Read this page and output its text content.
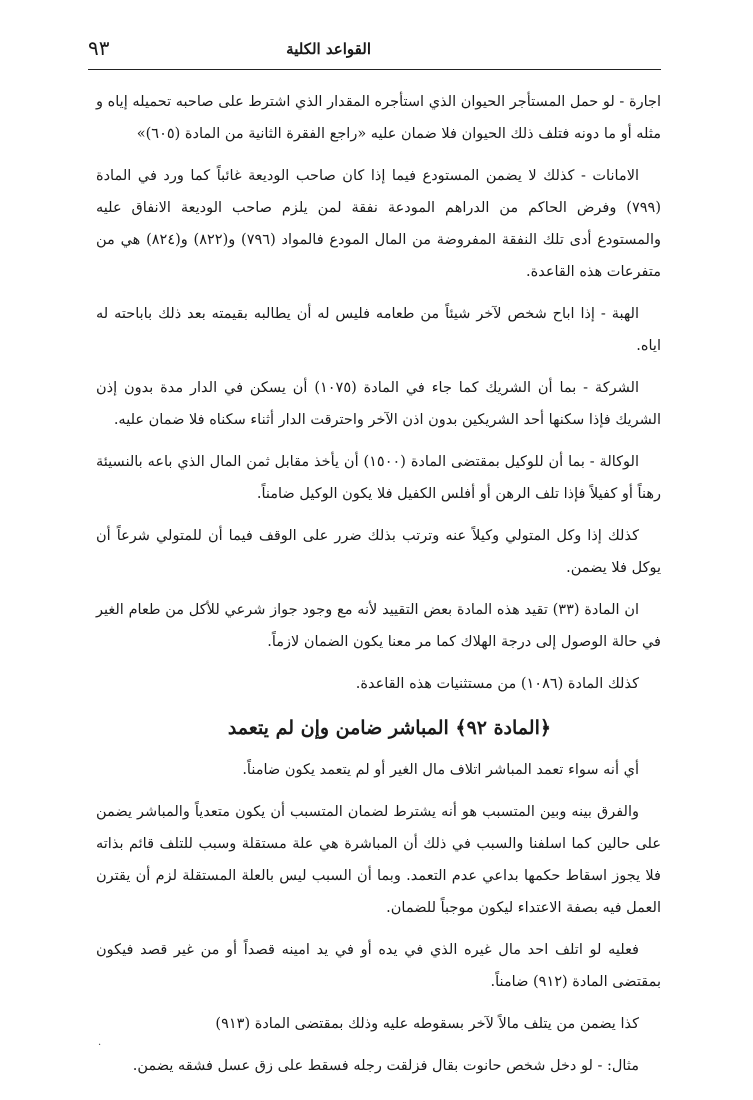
القواعد الكلية
٩٣

اجارة - لو حمل المستأجر الحيوان الذي استأجره المقدار الذي اشترط على صاحبه تحميله إياه و مثله أو ما دونه فتلف ذلك الحيوان فلا ضمان عليه «راجع الفقرة الثانية من المادة (٦٠٥)»

الامانات - كذلك لا يضمن المستودع فيما إذا كان صاحب الوديعة غائباً كما ورد في المادة (٧٩٩) وفرض الحاكم من الدراهم المودعة نفقة لمن يلزم صاحب الوديعة الانفاق عليه والمستودع أدى تلك النفقة المفروضة من المال المودع فالمواد (٧٩٦) و(٨٢٢) و(٨٢٤) هي من متفرعات هذه القاعدة.

الهبة - إذا اباح شخص لآخر شيئاً من طعامه فليس له أن يطالبه بقيمته بعد ذلك باباحته له اياه.

الشركة - بما أن الشريك كما جاء في المادة (١٠٧٥) أن يسكن في الدار مدة بدون إذن الشريك فإذا سكنها أحد الشريكين بدون اذن الآخر واحترقت الدار أثناء سكناه فلا ضمان عليه.

الوكالة - بما أن للوكيل بمقتضى المادة (١٥٠٠) أن يأخذ مقابل ثمن المال الذي باعه بالنسيئة رهناً أو كفيلاً فإذا تلف الرهن أو أفلس الكفيل فلا يكون الوكيل ضامناً.

كذلك إذا وكل المتولي وكيلاً عنه وترتب بذلك ضرر على الوقف فيما أن للمتولي شرعاً أن يوكل فلا يضمن.

ان المادة (٣٣) تقيد هذه المادة بعض التقييد لأنه مع وجود جواز شرعي للأكل من طعام الغير في حالة الوصول إلى درجة الهلاك كما مر معنا يكون الضمان لازماً.

كذلك المادة (١٠٨٦) من مستثنيات هذه القاعدة.

﴿المادة ٩٢﴾ المباشر ضامن وإن لم يتعمد

أي أنه سواء تعمد المباشر اتلاف مال الغير أو لم يتعمد يكون ضامناً.

والفرق بينه وبين المتسبب هو أنه يشترط لضمان المتسبب أن يكون متعدياً والمباشر يضمن على حالين كما اسلفنا والسبب في ذلك أن المباشرة هي علة مستقلة وسبب للتلف قائم بذاته فلا يجوز اسقاط حكمها بداعي عدم التعمد. وبما أن السبب ليس بالعلة المستقلة لزم أن يقترن العمل فيه بصفة الاعتداء ليكون موجباً للضمان.

فعليه لو اتلف احد مال غيره الذي في يده أو في يد امينه قصداً أو من غير قصد فيكون بمقتضى المادة (٩١٢) ضامناً.

كذا يضمن من يتلف مالاً لآخر بسقوطه عليه وذلك بمقتضى المادة (٩١٣)

مثال: - لو دخل شخص حانوت بقال فزلقت رجله فسقط على زق عسل فشقه يضمن.

·
